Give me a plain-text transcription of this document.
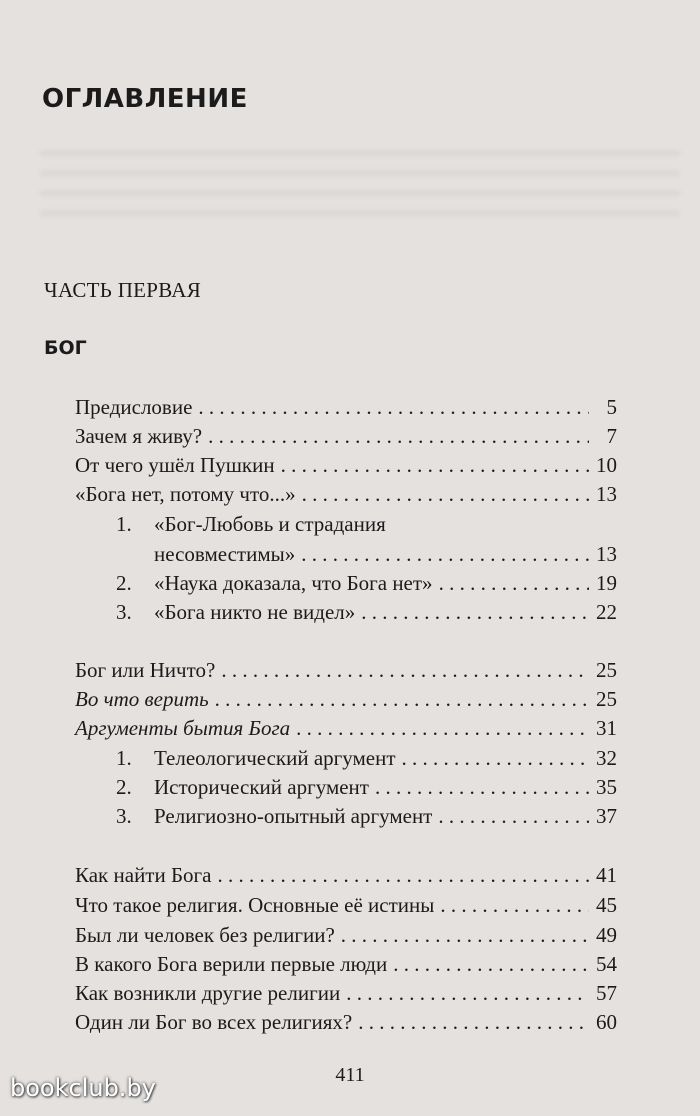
ОГЛАВЛЕНИЕ
ЧАСТЬ ПЕРВАЯ
БОГ
Предисловие . . .	5
Зачем я живу? . . .	7
От чего ушёл Пушкин . . .	10
«Бога нет, потому что...» . . .	13
1.	«Бог-Любовь и страдания
несовместимы» . . .	13
2.	«Наука доказала, что Бога нет» . . .	19
3.	«Бога никто не видел» . . .	22
Бог или Ничто? . . .	25
Во что верить . . .	25
Аргументы бытия Бога . . .	31
1.	Телеологический аргумент . . .	32
2.	Исторический аргумент . . .	35
3.	Религиозно-опытный аргумент . . .	37
Как найти Бога . . .	41
Что такое религия. Основные её истины . . .	45
Был ли человек без религии? . . .	49
В какого Бога верили первые люди . . .	54
Как возникли другие религии . . .	57
Один ли Бог во всех религиях? . . .	60
411
bookclub.by
